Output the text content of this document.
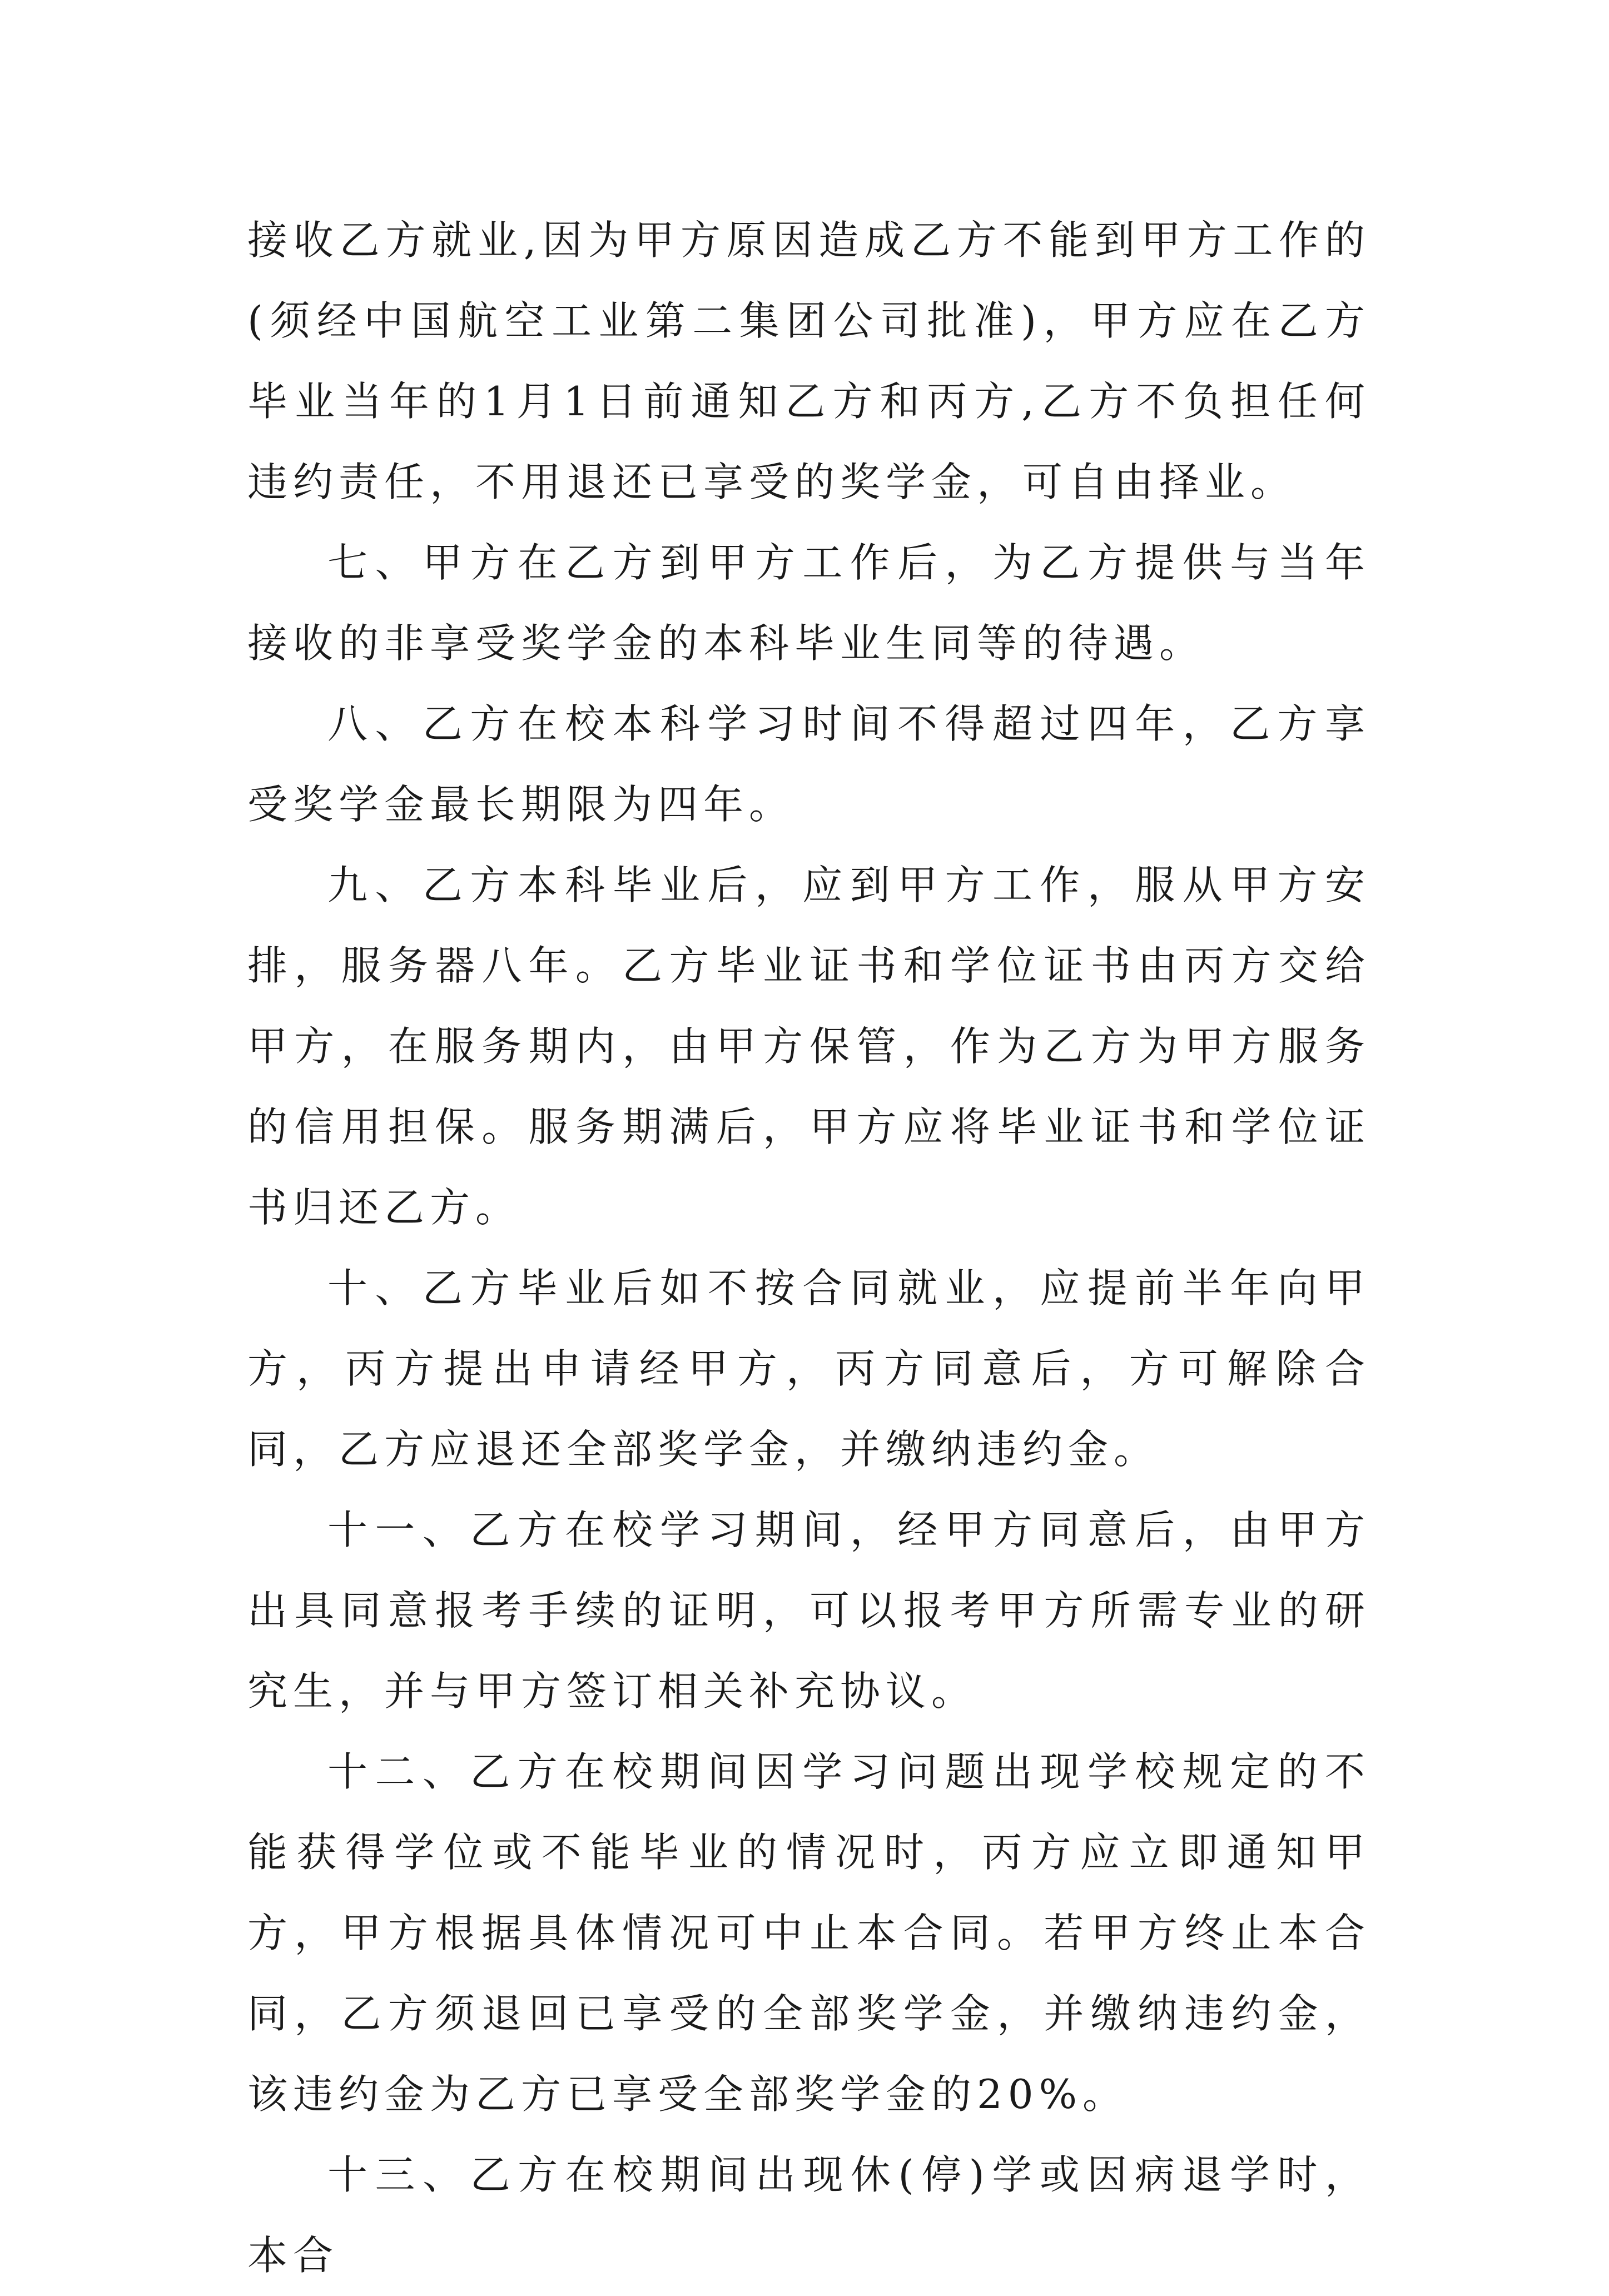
接收乙方就业,因为甲方原因造成乙方不能到甲方工作的(须经中国航空工业第二集团公司批准)，甲方应在乙方毕业当年的1月1日前通知乙方和丙方,乙方不负担任何违约责任，不用退还已享受的奖学金，可自由择业。

七、甲方在乙方到甲方工作后，为乙方提供与当年接收的非享受奖学金的本科毕业生同等的待遇。

八、乙方在校本科学习时间不得超过四年，乙方享受奖学金最长期限为四年。

九、乙方本科毕业后，应到甲方工作，服从甲方安排，服务器八年。乙方毕业证书和学位证书由丙方交给甲方，在服务期内，由甲方保管，作为乙方为甲方服务的信用担保。服务期满后，甲方应将毕业证书和学位证书归还乙方。

十、乙方毕业后如不按合同就业，应提前半年向甲方，丙方提出申请经甲方，丙方同意后，方可解除合同，乙方应退还全部奖学金，并缴纳违约金。

十一、乙方在校学习期间，经甲方同意后，由甲方出具同意报考手续的证明，可以报考甲方所需专业的研究生，并与甲方签订相关补充协议。

十二、乙方在校期间因学习问题出现学校规定的不能获得学位或不能毕业的情况时，丙方应立即通知甲方，甲方根据具体情况可中止本合同。若甲方终止本合同，乙方须退回已享受的全部奖学金，并缴纳违约金，该违约金为乙方已享受全部奖学金的20%。

十三、乙方在校期间出现休(停)学或因病退学时，本合
